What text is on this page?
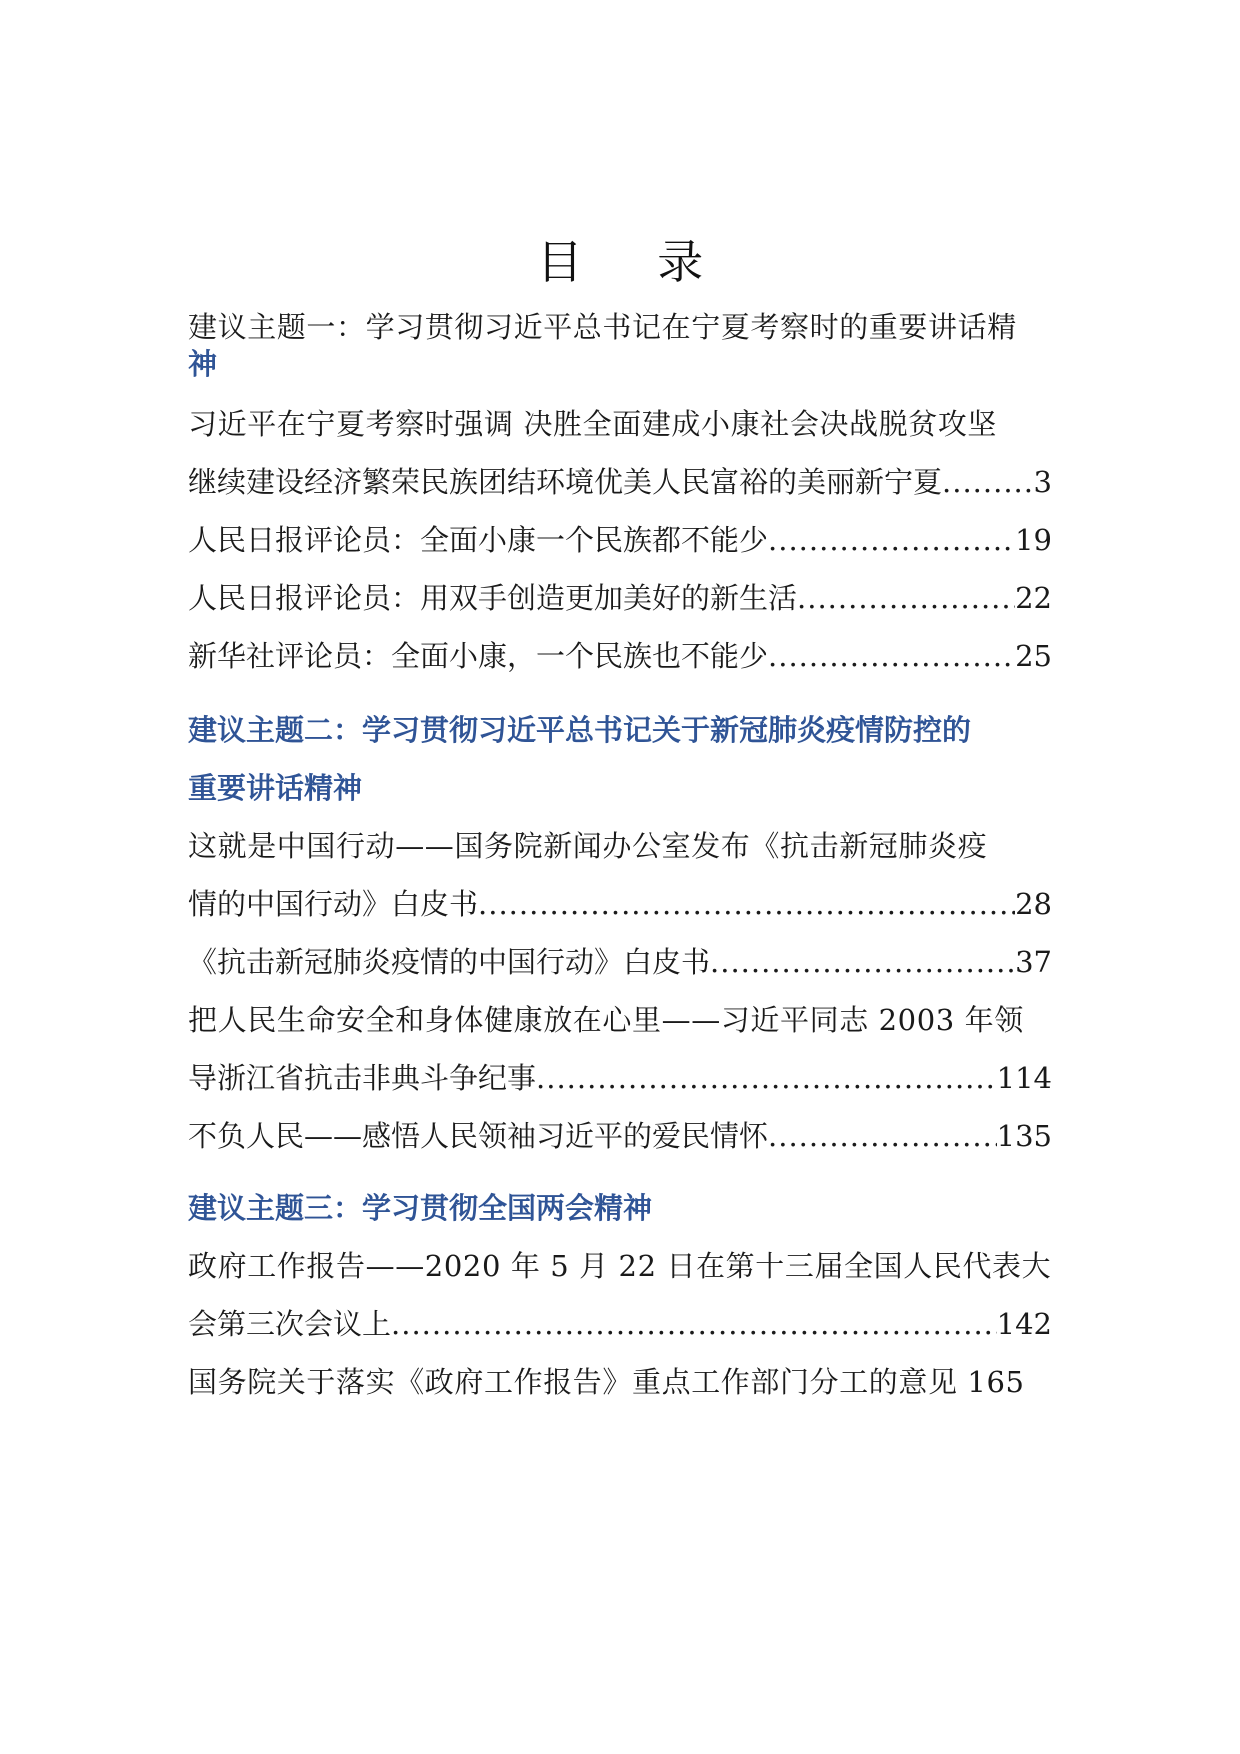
目 录
建议主题一：学习贯彻习近平总书记在宁夏考察时的重要讲话精
神
习近平在宁夏考察时强调 决胜全面建成小康社会决战脱贫攻坚
继续建设经济繁荣民族团结环境优美人民富裕的美丽新宁夏 .....	3
人民日报评论员：全面小康一个民族都不能少 .....	19
人民日报评论员：用双手创造更加美好的新生活 .....	22
新华社评论员：全面小康，一个民族也不能少 .....	25
建议主题二：学习贯彻习近平总书记关于新冠肺炎疫情防控的
重要讲话精神
这就是中国行动——国务院新闻办公室发布《抗击新冠肺炎疫
情的中国行动》白皮书 .....	28
《抗击新冠肺炎疫情的中国行动》白皮书 .....	37
把人民生命安全和身体健康放在心里——习近平同志 2003 年领
导浙江省抗击非典斗争纪事 .....	114
不负人民——感悟人民领袖习近平的爱民情怀 .....	135
建议主题三：学习贯彻全国两会精神
政府工作报告——2020 年 5 月 22 日在第十三届全国人民代表大
会第三次会议上 .....	142
国务院关于落实《政府工作报告》重点工作部门分工的意见 165
